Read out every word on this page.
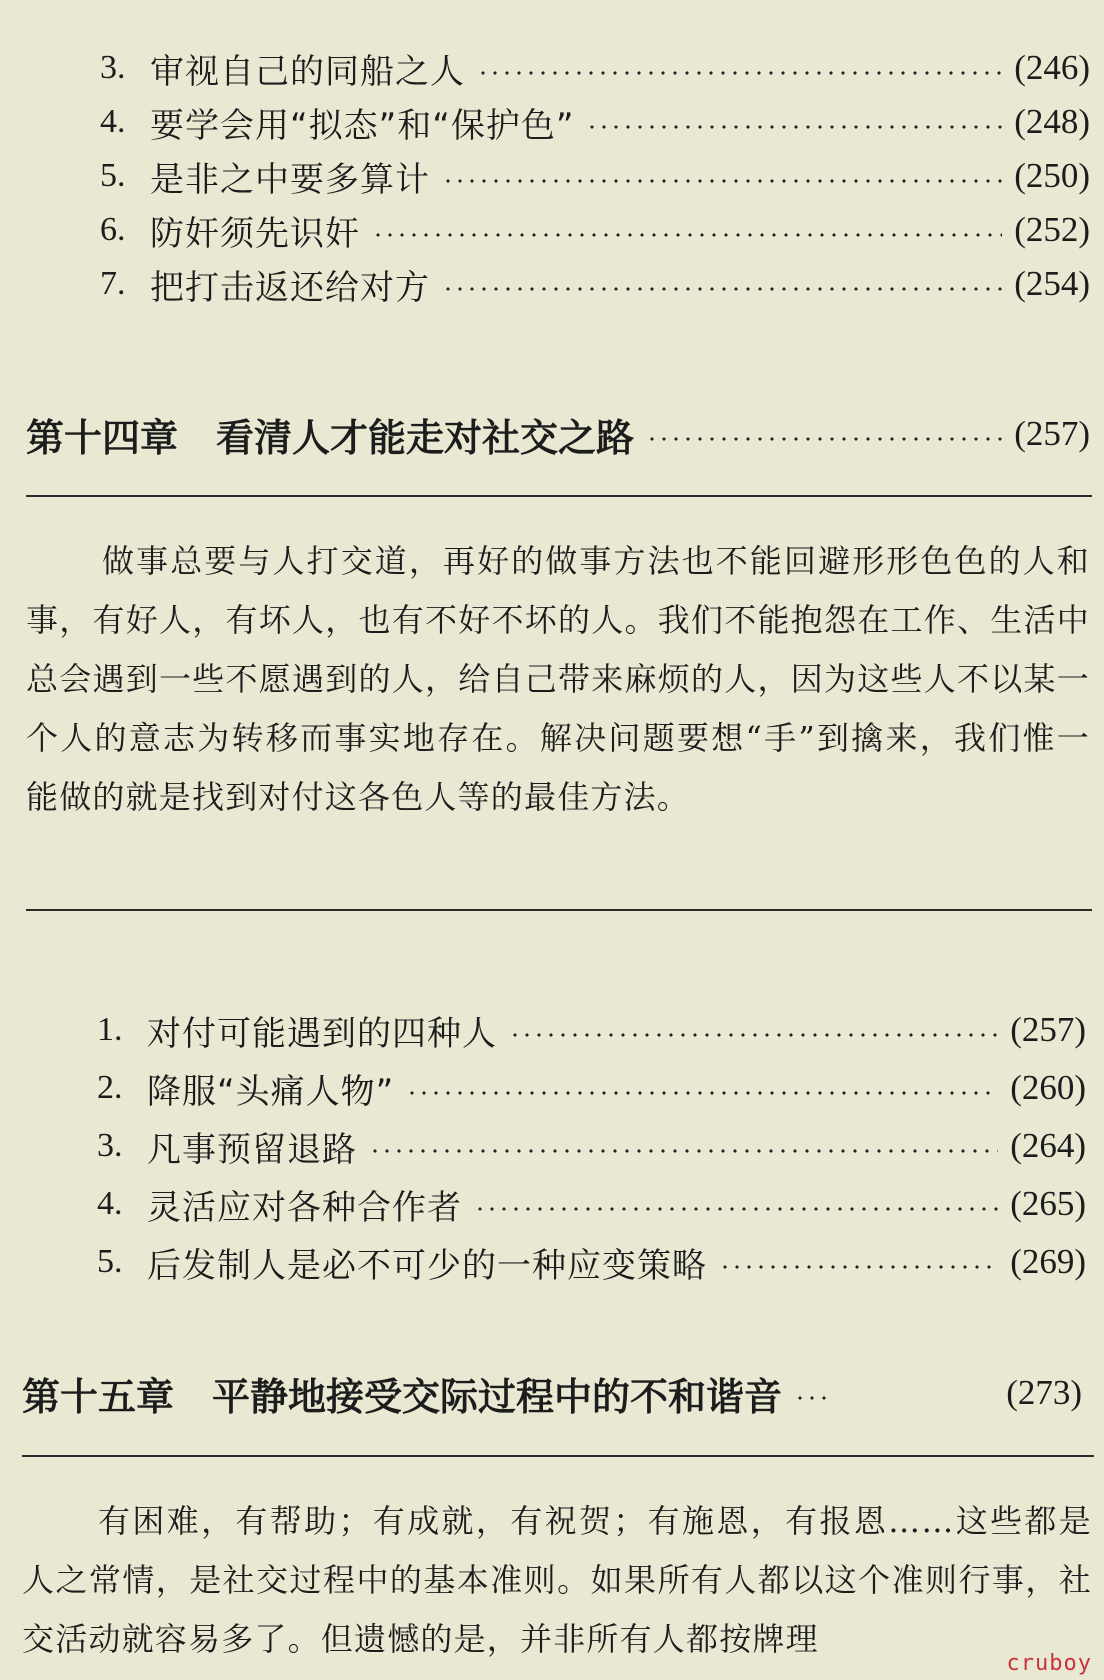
3. 审视自己的同船之人	(246)
4. 要学会用“拟态”和“保护色”	(248)
5. 是非之中要多算计	(250)
6. 防奸须先识奸	(252)
7. 把打击返还给对方	(254)
第十四章 看清人才能走对社交之路	(257)

做事总要与人打交道，再好的做事方法也不能回避形形色色的人和事，有好人，有坏人，也有不好不坏的人。我们不能抱怨在工作、生活中总会遇到一些不愿遇到的人，给自己带来麻烦的人，因为这些人不以某一个人的意志为转移而事实地存在。解决问题要想“手”到擒来，我们惟一能做的就是找到对付这各色人等的最佳方法。

1. 对付可能遇到的四种人	(257)
2. 降服“头痛人物”	(260)
3. 凡事预留退路	(264)
4. 灵活应对各种合作者	(265)
5. 后发制人是必不可少的一种应变策略	(269)
第十五章 平静地接受交际过程中的不和谐音	(273)

有困难，有帮助；有成就，有祝贺；有施恩，有报恩……这些都是人之常情，是社交过程中的基本准则。如果所有人都以这个准则行事，社交活动就容易多了。但遗憾的是，并非所有人都按牌理

cruboy
